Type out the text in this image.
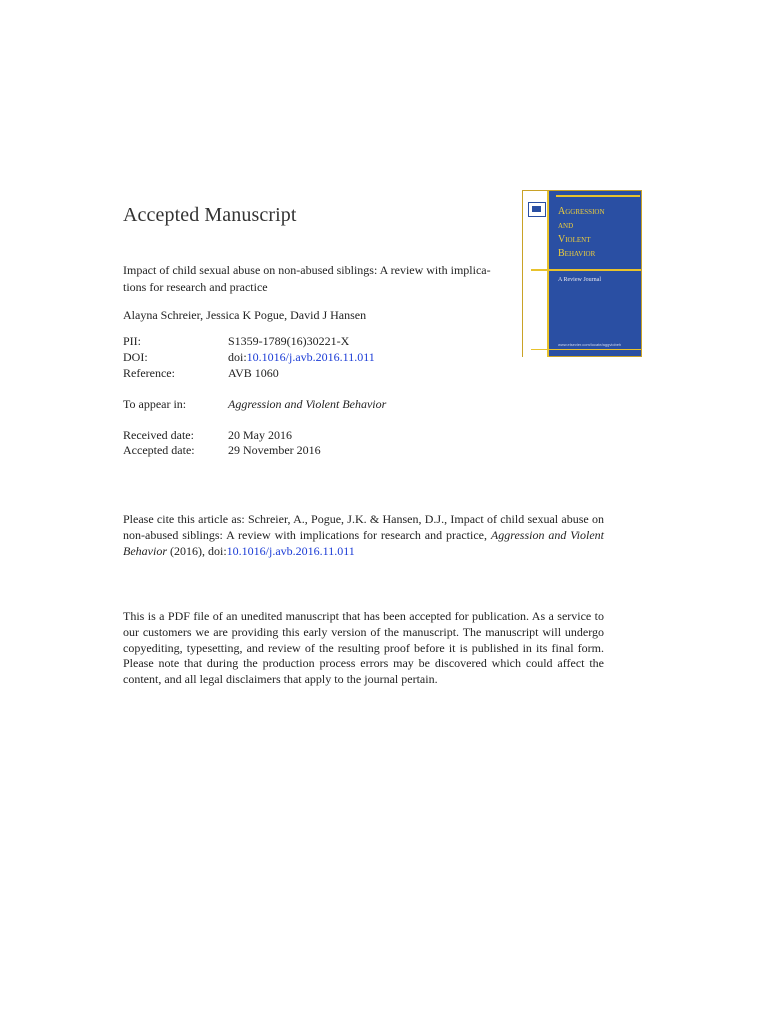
Accepted Manuscript
Impact of child sexual abuse on non-abused siblings: A review with implica-
tions for research and practice
Alayna Schreier, Jessica K Pogue, David J Hansen
PII:	S1359-1789(16)30221-X
DOI:	doi:10.1016/j.avb.2016.11.011
Reference:	AVB 1060
To appear in:	Aggression and Violent Behavior
Received date:	20 May 2016
Accepted date:	29 November 2016
Please cite this article as: Schreier, A., Pogue, J.K. & Hansen, D.J., Impact of child sexual abuse on non-abused siblings: A review with implications for research and practice, Aggression and Violent Behavior (2016), doi:10.1016/j.avb.2016.11.011
This is a PDF file of an unedited manuscript that has been accepted for publication. As a service to our customers we are providing this early version of the manuscript. The manuscript will undergo copyediting, typesetting, and review of the resulting proof before it is published in its final form. Please note that during the production process errors may be discovered which could affect the content, and all legal disclaimers that apply to the journal pertain.
Aggression
and
Violent
Behavior
A Review Journal
www.elsevier.com/locate/aggviobeh
